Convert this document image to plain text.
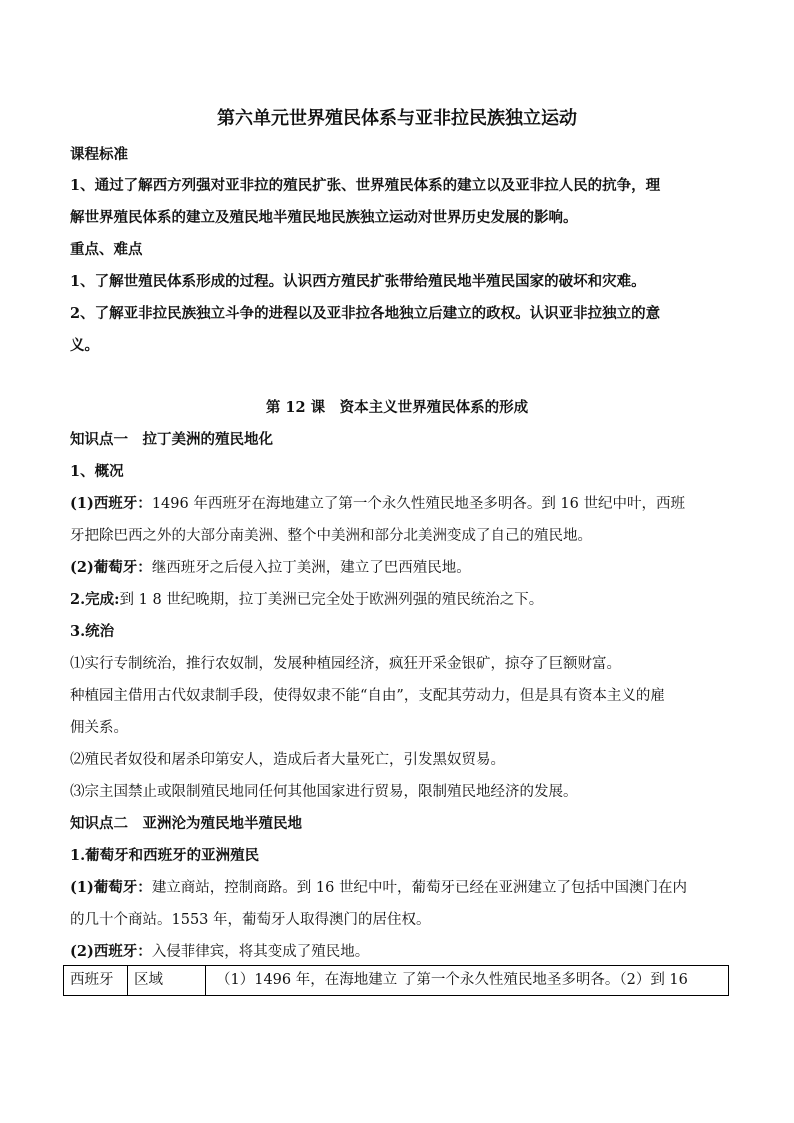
第六单元世界殖民体系与亚非拉民族独立运动
课程标准
1、通过了解西方列强对亚非拉的殖民扩张、世界殖民体系的建立以及亚非拉人民的抗争，理
解世界殖民体系的建立及殖民地半殖民地民族独立运动对世界历史发展的影响。
重点、难点
1、了解世殖民体系形成的过程。认识西方殖民扩张带给殖民地半殖民国家的破坏和灾难。
2、了解亚非拉民族独立斗争的进程以及亚非拉各地独立后建立的政权。认识亚非拉独立的意
义。
第 12 课　资本主义世界殖民体系的形成
知识点一　拉丁美洲的殖民地化
1、概况
(1)西班牙：1496 年西班牙在海地建立了第一个永久性殖民地圣多明各。到 16 世纪中叶，西班
牙把除巴西之外的大部分南美洲、整个中美洲和部分北美洲变成了自己的殖民地。
(2)葡萄牙：继西班牙之后侵入拉丁美洲，建立了巴西殖民地。
2.完成:到 1 8 世纪晚期，拉丁美洲已完全处于欧洲列强的殖民统治之下。
3.统治
⑴实行专制统治，推行农奴制，发展种植园经济，疯狂开采金银矿，掠夺了巨额财富。
种植园主借用古代奴隶制手段，使得奴隶不能“自由”，支配其劳动力，但是具有资本主义的雇
佣关系。
⑵殖民者奴役和屠杀印第安人，造成后者大量死亡，引发黑奴贸易。
⑶宗主国禁止或限制殖民地同任何其他国家进行贸易，限制殖民地经济的发展。
知识点二　亚洲沦为殖民地半殖民地
1.葡萄牙和西班牙的亚洲殖民
(1)葡萄牙：建立商站，控制商路。到 16 世纪中叶，葡萄牙已经在亚洲建立了包括中国澳门在内
的几十个商站。1553 年，葡萄牙人取得澳门的居住权。
(2)西班牙：入侵菲律宾，将其变成了殖民地。
西班牙	区域	（1）1496 年，在海地建立 了第一个永久性殖民地圣多明各。（2）到 16
